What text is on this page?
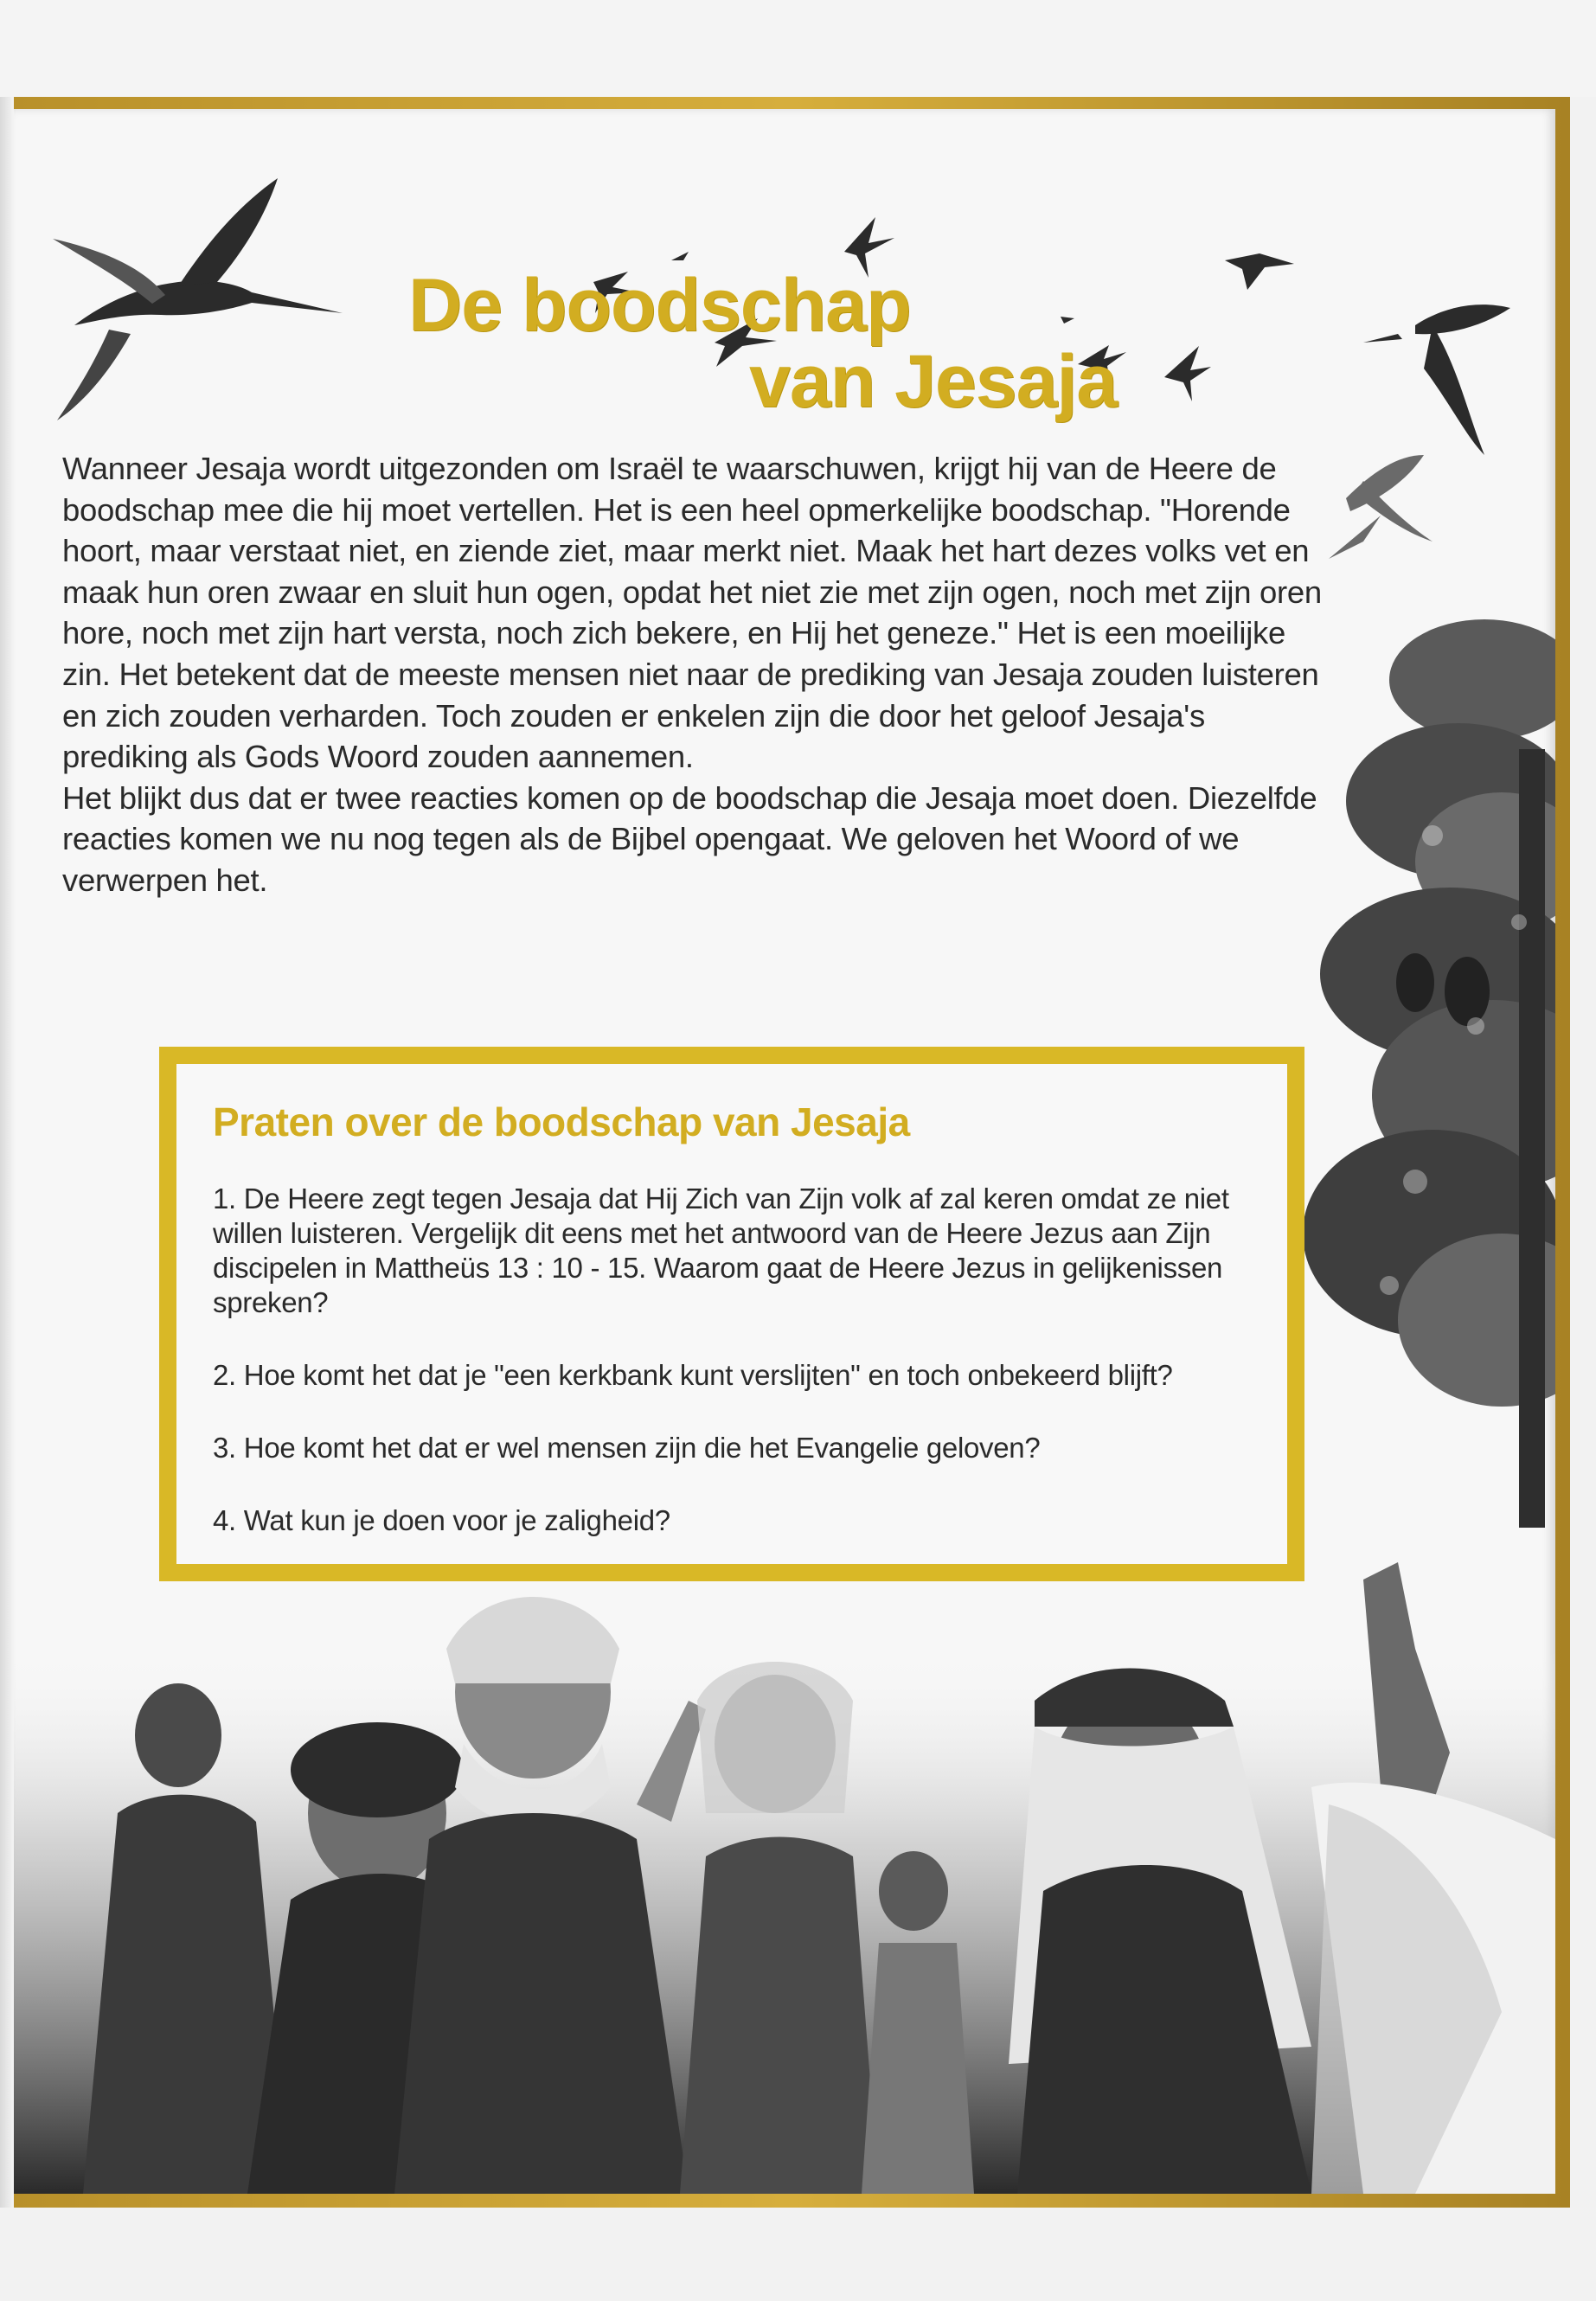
De boodschap
van Jesaja

Wanneer Jesaja wordt uitgezonden om Israël te waarschuwen, krijgt hij van de Heere de boodschap mee die hij moet vertellen. Het is een heel opmerkelijke boodschap. "Horende hoort, maar verstaat niet, en ziende ziet, maar merkt niet. Maak het hart dezes volks vet en maak hun oren zwaar en sluit hun ogen, opdat het niet zie met zijn ogen, noch met zijn oren hore, noch met zijn hart versta, noch zich bekere, en Hij het geneze." Het is een moeilijke zin. Het betekent dat de meeste mensen niet naar de prediking van Jesaja zouden luisteren en zich zouden verharden. Toch zouden er enkelen zijn die door het geloof Jesaja's prediking als Gods Woord zouden aannemen.

Het blijkt dus dat er twee reacties komen op de boodschap die Jesaja moet doen. Diezelfde reacties komen we nu nog tegen als de Bijbel opengaat. We geloven het Woord of we verwerpen het.

Praten over de boodschap van Jesaja
1. De Heere zegt tegen Jesaja dat Hij Zich van Zijn volk af zal keren omdat ze niet willen luisteren. Vergelijk dit eens met het antwoord van de Heere Jezus aan Zijn discipelen in Mattheüs 13 : 10 - 15. Waarom gaat de Heere Jezus in gelijkenissen spreken?
2. Hoe komt het dat je "een kerkbank kunt verslijten" en toch onbekeerd blijft?
3. Hoe komt het dat er wel mensen zijn die het Evangelie geloven?
4. Wat kun je doen voor je zaligheid?
